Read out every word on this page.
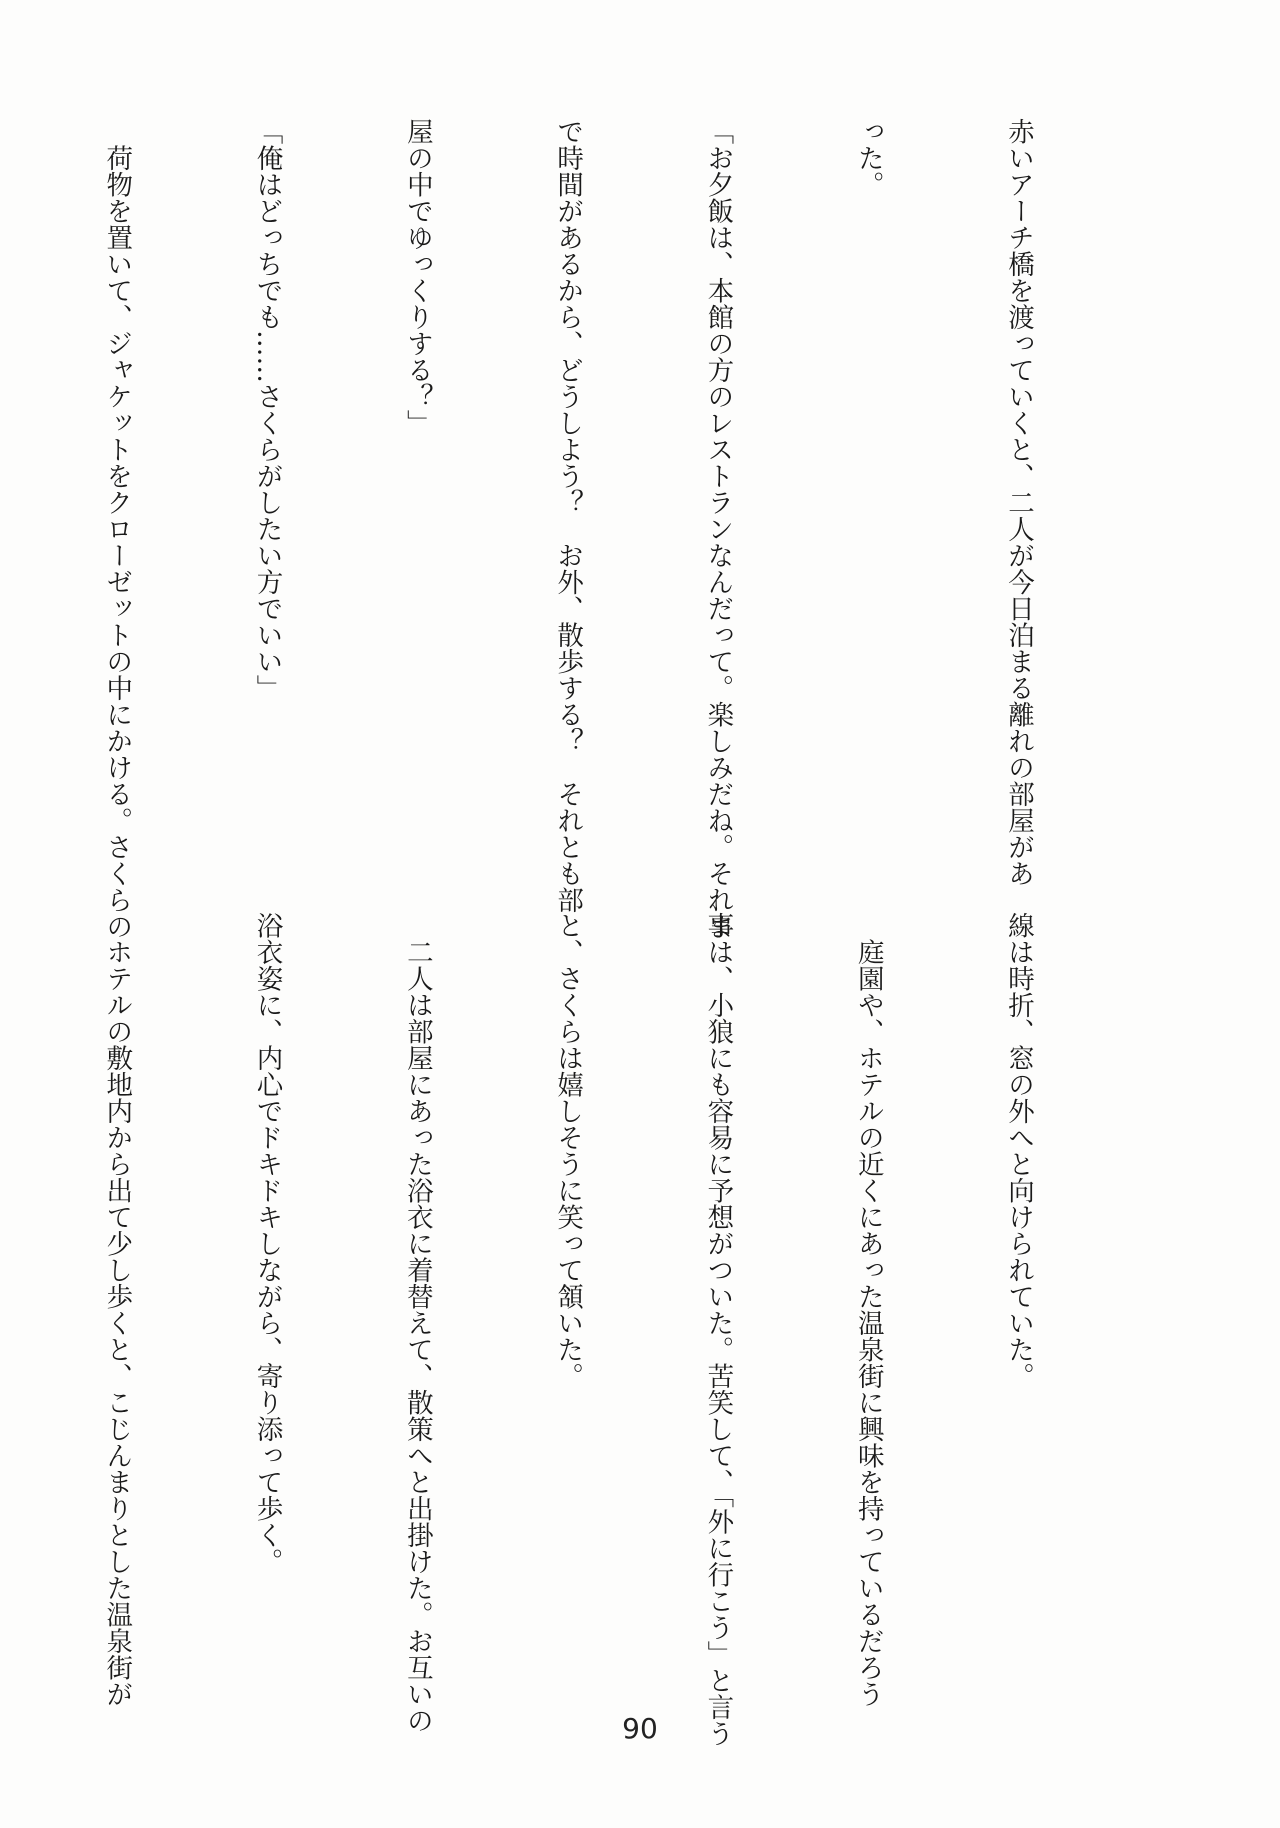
赤いアーチ橋を渡っていくと、二人が今日泊まる離れの部屋があ

った。

「お夕飯は、本館の方のレストランなんだって。楽しみだね。それま

で時間があるから、どうしよう？　お外、散歩する？　それとも部

屋の中でゆっくりする？」

「俺はどっちでも……さくらがしたい方でいい」

　荷物を置いて、ジャケットをクローゼットの中にかける。さくらの

線は時折、窓の外へと向けられていた。

　庭園や、ホテルの近くにあった温泉街に興味を持っているだろう

事は、小狼にも容易に予想がついた。苦笑して、「外に行こう」と言う

と、さくらは嬉しそうに笑って頷いた。

　二人は部屋にあった浴衣に着替えて、散策へと出掛けた。お互いの

浴衣姿に、内心でドキドキしながら、寄り添って歩く。

　ホテルの敷地内から出て少し歩くと、こじんまりとした温泉街が

90
